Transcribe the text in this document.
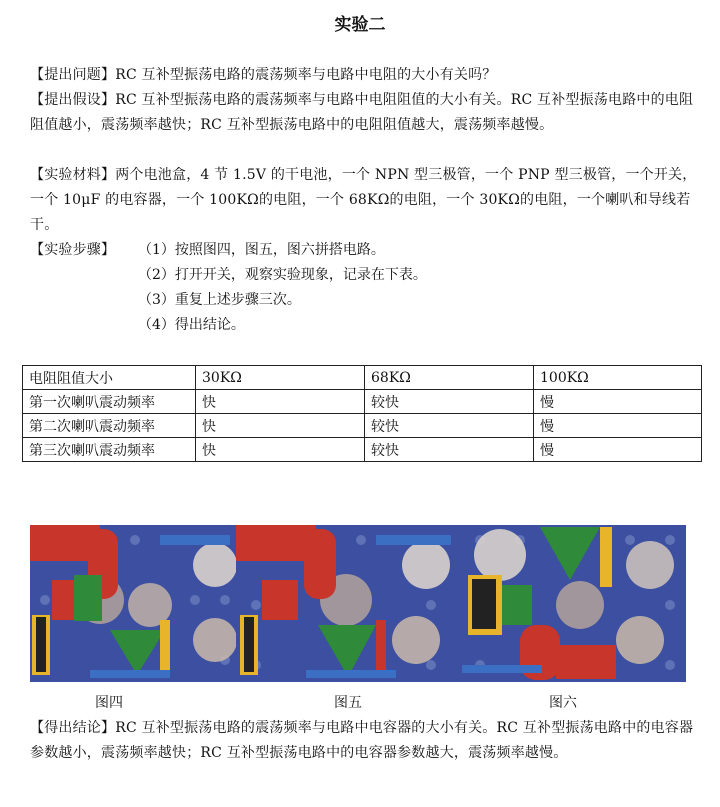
实验二
【提出问题】RC 互补型振荡电路的震荡频率与电路中电阻的大小有关吗？
【提出假设】RC 互补型振荡电路的震荡频率与电路中电阻阻值的大小有关。RC 互补型振荡电路中的电阻阻值越小，震荡频率越快；RC 互补型振荡电路中的电阻阻值越大，震荡频率越慢。
【实验材料】两个电池盒，4 节 1.5V 的干电池，一个 NPN 型三极管，一个 PNP 型三极管，一个开关，一个 10μF 的电容器，一个 100KΩ的电阻，一个 68KΩ的电阻，一个 30KΩ的电阻，一个喇叭和导线若干。
【实验步骤】	（1）按照图四，图五，图六拼搭电路。
（2）打开开关，观察实验现象，记录在下表。
（3）重复上述步骤三次。
（4）得出结论。
电阻阻值大小	30KΩ	68KΩ	100KΩ
第一次喇叭震动频率	快	较快	慢
第二次喇叭震动频率	快	较快	慢
第三次喇叭震动频率	快	较快	慢
图四	图五	图六
【得出结论】RC 互补型振荡电路的震荡频率与电路中电容器的大小有关。RC 互补型振荡电路中的电容器参数越小，震荡频率越快；RC 互补型振荡电路中的电容器参数越大，震荡频率越慢。
